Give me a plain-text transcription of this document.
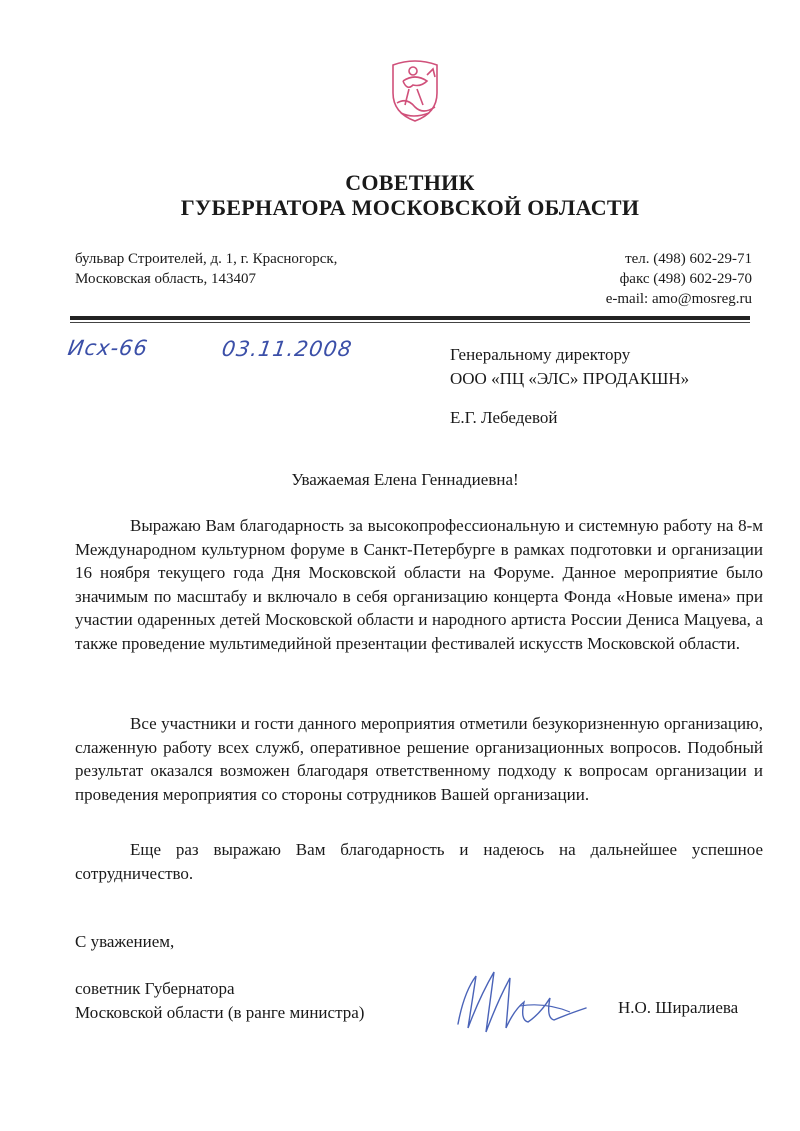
СОВЕТНИК
ГУБЕРНАТОРА МОСКОВСКОЙ ОБЛАСТИ
бульвар Строителей, д. 1, г. Красногорск,
Московская область, 143407
тел. (498) 602-29-71
факс (498) 602-29-70
e-mail: amo@mosreg.ru
Исх-66	03.11.2008	Генеральному директору
ООО «ПЦ «ЭЛС» ПРОДАКШН»
Е.Г. Лебедевой
Уважаемая Елена Геннадиевна!

Выражаю Вам благодарность за высокопрофессиональную и системную работу на 8-м Международном культурном форуме в Санкт-Петербурге в рамках подготовки и организации 16 ноября текущего года Дня Московской области на Форуме. Данное мероприятие было значимым по масштабу и включало в себя организацию концерта Фонда «Новые имена» при участии одаренных детей Московской области и народного артиста России Дениса Мацуева, а также проведение мультимедийной презентации фестивалей искусств Московской области.

Все участники и гости данного мероприятия отметили безукоризненную организацию, слаженную работу всех служб, оперативное решение организационных вопросов. Подобный результат оказался возможен благодаря ответственному подходу к вопросам организации и проведения мероприятия со стороны сотрудников Вашей организации.

Еще раз выражаю Вам благодарность и надеюсь на дальнейшее успешное сотрудничество.

С уважением,
советник Губернатора
Московской области (в ранге министра)	Н.О. Ширалиева
